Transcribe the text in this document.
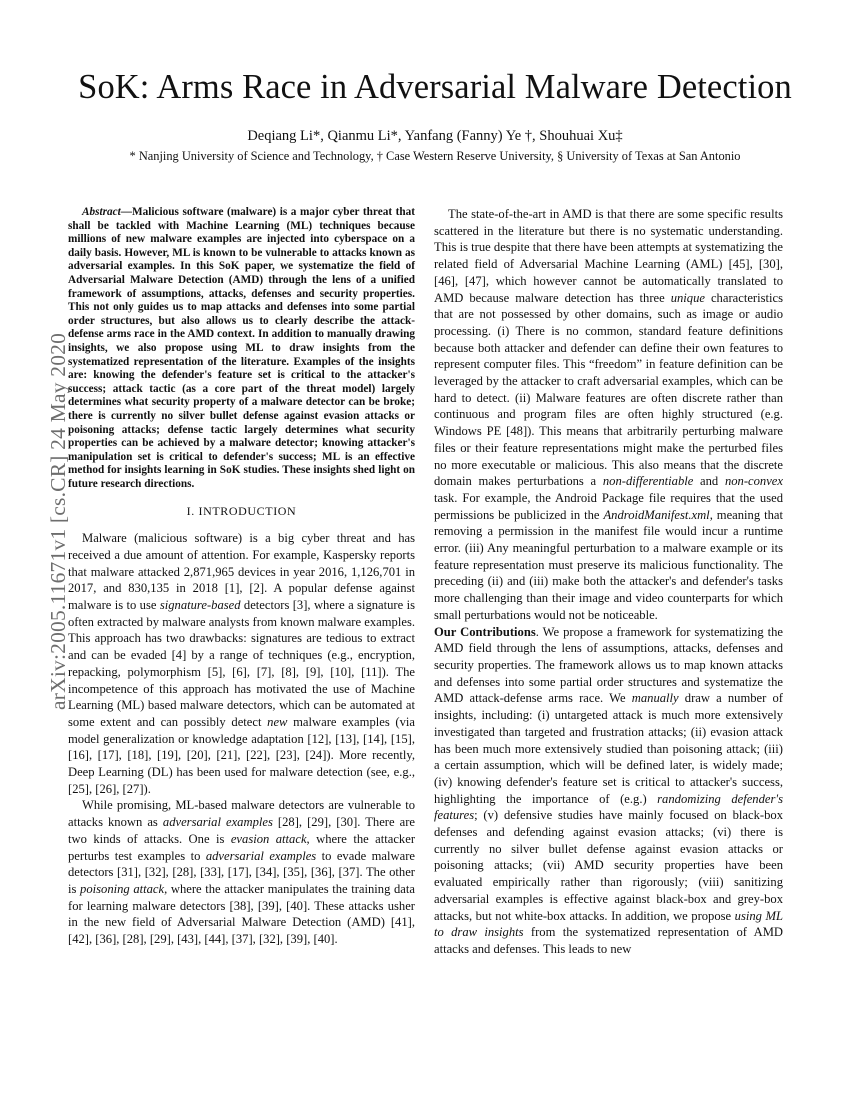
arXiv:2005.11671v1 [cs.CR] 24 May 2020
SoK: Arms Race in Adversarial Malware Detection
Deqiang Li*, Qianmu Li*, Yanfang (Fanny) Ye †, Shouhuai Xu‡
* Nanjing University of Science and Technology, † Case Western Reserve University, § University of Texas at San Antonio

Abstract—Malicious software (malware) is a major cyber threat that shall be tackled with Machine Learning (ML) techniques because millions of new malware examples are injected into cyberspace on a daily basis. However, ML is known to be vulnerable to attacks known as adversarial examples. In this SoK paper, we systematize the field of Adversarial Malware Detection (AMD) through the lens of a unified framework of assumptions, attacks, defenses and security properties. This not only guides us to map attacks and defenses into some partial order structures, but also allows us to clearly describe the attack-defense arms race in the AMD context. In addition to manually drawing insights, we also propose using ML to draw insights from the systematized representation of the literature. Examples of the insights are: knowing the defender's feature set is critical to the attacker's success; attack tactic (as a core part of the threat model) largely determines what security property of a malware detector can be broke; there is currently no silver bullet defense against evasion attacks or poisoning attacks; defense tactic largely determines what security properties can be achieved by a malware detector; knowing attacker's manipulation set is critical to defender's success; ML is an effective method for insights learning in SoK studies. These insights shed light on future research directions.

I. INTRODUCTION

Malware (malicious software) is a big cyber threat and has received a due amount of attention. For example, Kaspersky reports that malware attacked 2,871,965 devices in year 2016, 1,126,701 in 2017, and 830,135 in 2018 [1], [2]. A popular defense against malware is to use signature-based detectors [3], where a signature is often extracted by malware analysts from known malware examples. This approach has two drawbacks: signatures are tedious to extract and can be evaded [4] by a range of techniques (e.g., encryption, repacking, polymorphism [5], [6], [7], [8], [9], [10], [11]). The incompetence of this approach has motivated the use of Machine Learning (ML) based malware detectors, which can be automated at some extent and can possibly detect new malware examples (via model generalization or knowledge adaptation [12], [13], [14], [15], [16], [17], [18], [19], [20], [21], [22], [23], [24]). More recently, Deep Learning (DL) has been used for malware detection (see, e.g., [25], [26], [27]).

While promising, ML-based malware detectors are vulnerable to attacks known as adversarial examples [28], [29], [30]. There are two kinds of attacks. One is evasion attack, where the attacker perturbs test examples to adversarial examples to evade malware detectors [31], [32], [28], [33], [17], [34], [35], [36], [37]. The other is poisoning attack, where the attacker manipulates the training data for learning malware detectors [38], [39], [40]. These attacks usher in the new field of Adversarial Malware Detection (AMD) [41], [42], [36], [28], [29], [43], [44], [37], [32], [39], [40].

The state-of-the-art in AMD is that there are some specific results scattered in the literature but there is no systematic understanding. This is true despite that there have been attempts at systematizing the related field of Adversarial Machine Learning (AML) [45], [30], [46], [47], which however cannot be automatically translated to AMD because malware detection has three unique characteristics that are not possessed by other domains, such as image or audio processing. (i) There is no common, standard feature definitions because both attacker and defender can define their own features to represent computer files. This “freedom” in feature definition can be leveraged by the attacker to craft adversarial examples, which can be hard to detect. (ii) Malware features are often discrete rather than continuous and program files are often highly structured (e.g. Windows PE [48]). This means that arbitrarily perturbing malware files or their feature representations might make the perturbed files no more executable or malicious. This also means that the discrete domain makes perturbations a non-differentiable and non-convex task. For example, the Android Package file requires that the used permissions be publicized in the AndroidManifest.xml, meaning that removing a permission in the manifest file would incur a runtime error. (iii) Any meaningful perturbation to a malware example or its feature representation must preserve its malicious functionality. The preceding (ii) and (iii) make both the attacker's and defender's tasks more challenging than their image and video counterparts for which small perturbations would not be noticeable.

Our Contributions. We propose a framework for systematizing the AMD field through the lens of assumptions, attacks, defenses and security properties. The framework allows us to map known attacks and defenses into some partial order structures and systematize the AMD attack-defense arms race. We manually draw a number of insights, including: (i) untargeted attack is much more extensively investigated than targeted and frustration attacks; (ii) evasion attack has been much more extensively studied than poisoning attack; (iii) a certain assumption, which will be defined later, is widely made; (iv) knowing defender's feature set is critical to attacker's success, highlighting the importance of (e.g.) randomizing defender's features; (v) defensive studies have mainly focused on black-box defenses and defending against evasion attacks; (vi) there is currently no silver bullet defense against evasion attacks or poisoning attacks; (vii) AMD security properties have been evaluated empirically rather than rigorously; (viii) sanitizing adversarial examples is effective against black-box and grey-box attacks, but not white-box attacks. In addition, we propose using ML to draw insights from the systematized representation of AMD attacks and defenses. This leads to new
